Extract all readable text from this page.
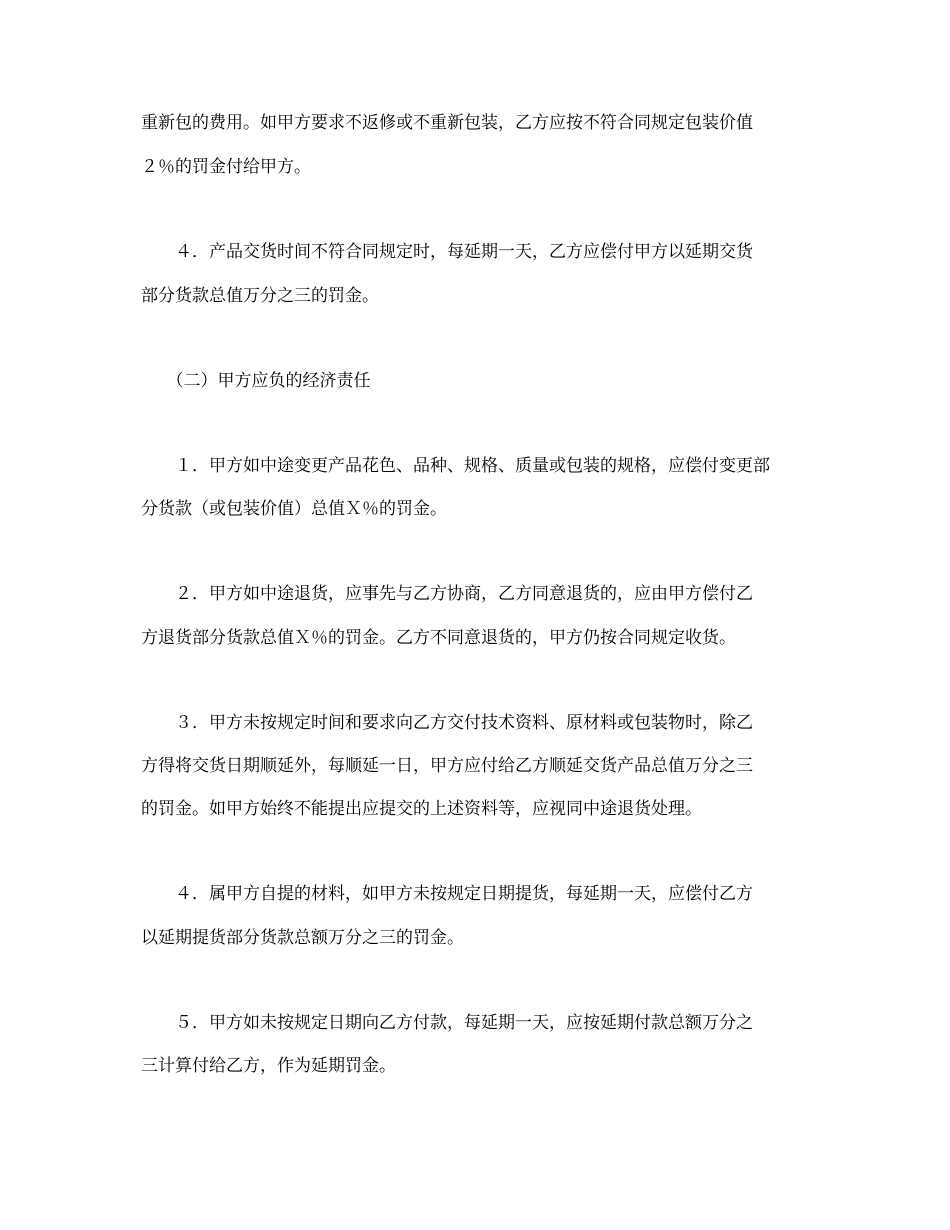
重新包的费用。如甲方要求不返修或不重新包装，乙方应按不符合同规定包装价值
２％的罚金付给甲方。
　　４．产品交货时间不符合同规定时，每延期一天，乙方应偿付甲方以延期交货
部分货款总值万分之三的罚金。
　　（二）甲方应负的经济责任
　　１．甲方如中途变更产品花色、品种、规格、质量或包装的规格，应偿付变更部
分货款（或包装价值）总值Ｘ％的罚金。
　　２．甲方如中途退货，应事先与乙方协商，乙方同意退货的，应由甲方偿付乙
方退货部分货款总值Ｘ％的罚金。乙方不同意退货的，甲方仍按合同规定收货。
　　３．甲方未按规定时间和要求向乙方交付技术资料、原材料或包装物时，除乙
方得将交货日期顺延外，每顺延一日，甲方应付给乙方顺延交货产品总值万分之三
的罚金。如甲方始终不能提出应提交的上述资料等，应视同中途退货处理。
　　４．属甲方自提的材料，如甲方未按规定日期提货，每延期一天，应偿付乙方
以延期提货部分货款总额万分之三的罚金。
　　５．甲方如未按规定日期向乙方付款，每延期一天，应按延期付款总额万分之
三计算付给乙方，作为延期罚金。
